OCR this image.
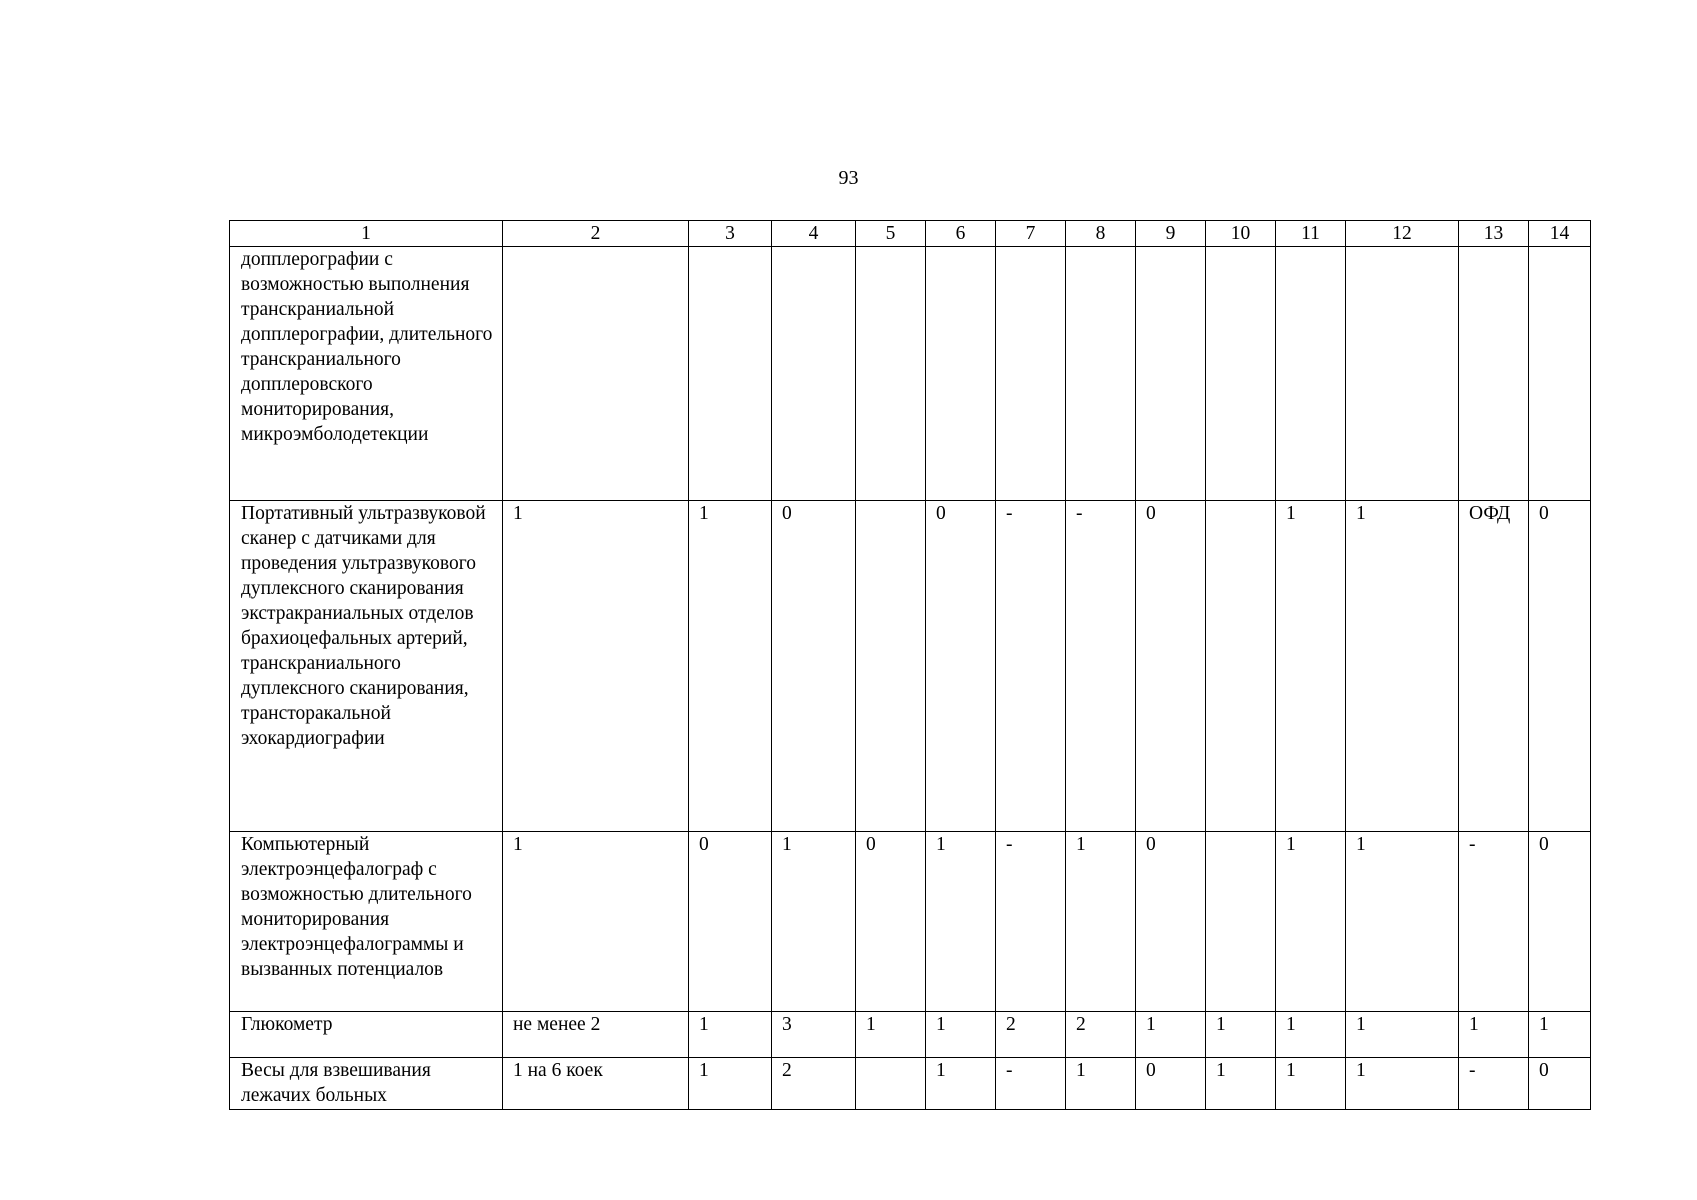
93
1	2	3	4	5	6	7	8	9	10	11	12	13	14
допплерографии с возможностью выполнения транскраниальной допплерографии, длительного транскраниального допплеровского мониторирования, микроэмболодетекции													
Портативный ультразвуковой сканер с датчиками для проведения ультразвукового дуплексного сканирования экстракраниальных отделов брахиоцефальных артерий, транскраниального дуплексного сканирования, трансторакальной эхокардиографии	1	1	0		0	-	-	0		1	1	ОФД	0
Компьютерный электроэнцефалограф с возможностью длительного мониторирования электроэнцефалограммы и вызванных потенциалов	1	0	1	0	1	-	1	0		1	1	-	0
Глюкометр	не менее 2	1	3	1	1	2	2	1	1	1	1	1	1
Весы для взвешивания лежачих больных	1 на 6 коек	1	2		1	-	1	0	1	1	1	-	0
